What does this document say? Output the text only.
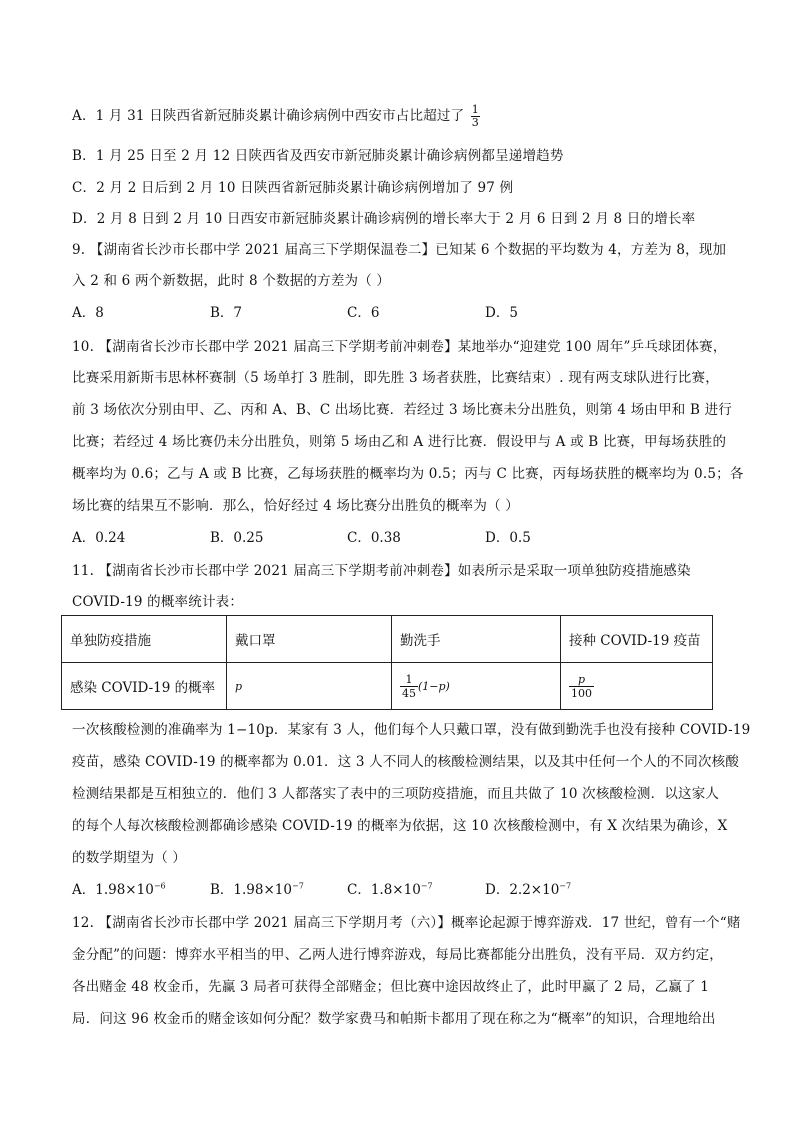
A．1 月 31 日陕西省新冠肺炎累计确诊病例中西安市占比超过了 $\frac{1}{3}$
B．1 月 25 日至 2 月 12 日陕西省及西安市新冠肺炎累计确诊病例都呈递增趋势
C．2 月 2 日后到 2 月 10 日陕西省新冠肺炎累计确诊病例增加了 97 例
D．2 月 8 日到 2 月 10 日西安市新冠肺炎累计确诊病例的增长率大于 2 月 6 日到 2 月 8 日的增长率
9. 【湖南省长沙市长郡中学 2021 届高三下学期保温卷二】已知某 6 个数据的平均数为 4，方差为 8，现加
入 2 和 6 两个新数据，此时 8 个数据的方差为（ ）
A．8	B．7	C．6	D．5
10. 【湖南省长沙市长郡中学 2021 届高三下学期考前冲刺卷】某地举办“迎建党 100 周年”乒乓球团体赛，
比赛采用新斯韦思林杯赛制（5 场单打 3 胜制，即先胜 3 场者获胜，比赛结束）. 现有两支球队进行比赛，
前 3 场依次分别由甲、乙、丙和 A、B、C 出场比赛．若经过 3 场比赛未分出胜负，则第 4 场由甲和 B 进行
比赛；若经过 4 场比赛仍未分出胜负，则第 5 场由乙和 A 进行比赛．假设甲与 A 或 B 比赛，甲每场获胜的
概率均为 0.6；乙与 A 或 B 比赛，乙每场获胜的概率均为 0.5；丙与 C 比赛，丙每场获胜的概率均为 0.5；各
场比赛的结果互不影响．那么，恰好经过 4 场比赛分出胜负的概率为（ ）
A．0.24	B．0.25	C．0.38	D．0.5
11. 【湖南省长沙市长郡中学 2021 届高三下学期考前冲刺卷】如表所示是采取一项单独防疫措施感染
COVID-19 的概率统计表：
单独防疫措施	戴口罩	勤洗手	接种 COVID-19 疫苗
感染 COVID-19 的概率	p	$\frac{1}{45} (1-p)$	$\frac{p}{100}$
一次核酸检测的准确率为 1−10p．某家有 3 人，他们每个人只戴口罩，没有做到勤洗手也没有接种 COVID-19
疫苗，感染 COVID-19 的概率都为 0.01．这 3 人不同人的核酸检测结果，以及其中任何一个人的不同次核酸
检测结果都是互相独立的．他们 3 人都落实了表中的三项防疫措施，而且共做了 10 次核酸检测．以这家人
的每个人每次核酸检测都确诊感染 COVID-19 的概率为依据，这 10 次核酸检测中，有 X 次结果为确诊，X
的数学期望为（ ）
A．$1.98\times 10^{-6}$	B．$1.98\times 10^{-7}$	C．$1.8\times 10^{-7}$	D．$2.2\times 10^{-7}$
12. 【湖南省长沙市长郡中学 2021 届高三下学期月考（六）】概率论起源于博弈游戏．17 世纪，曾有一个“赌
金分配”的问题：博弈水平相当的甲、乙两人进行博弈游戏，每局比赛都能分出胜负，没有平局．双方约定，
各出赌金 48 枚金币，先赢 3 局者可获得全部赌金；但比赛中途因故终止了，此时甲赢了 2 局，乙赢了 1
局．问这 96 枚金币的赌金该如何分配？数学家费马和帕斯卡都用了现在称之为“概率”的知识，合理地给出
